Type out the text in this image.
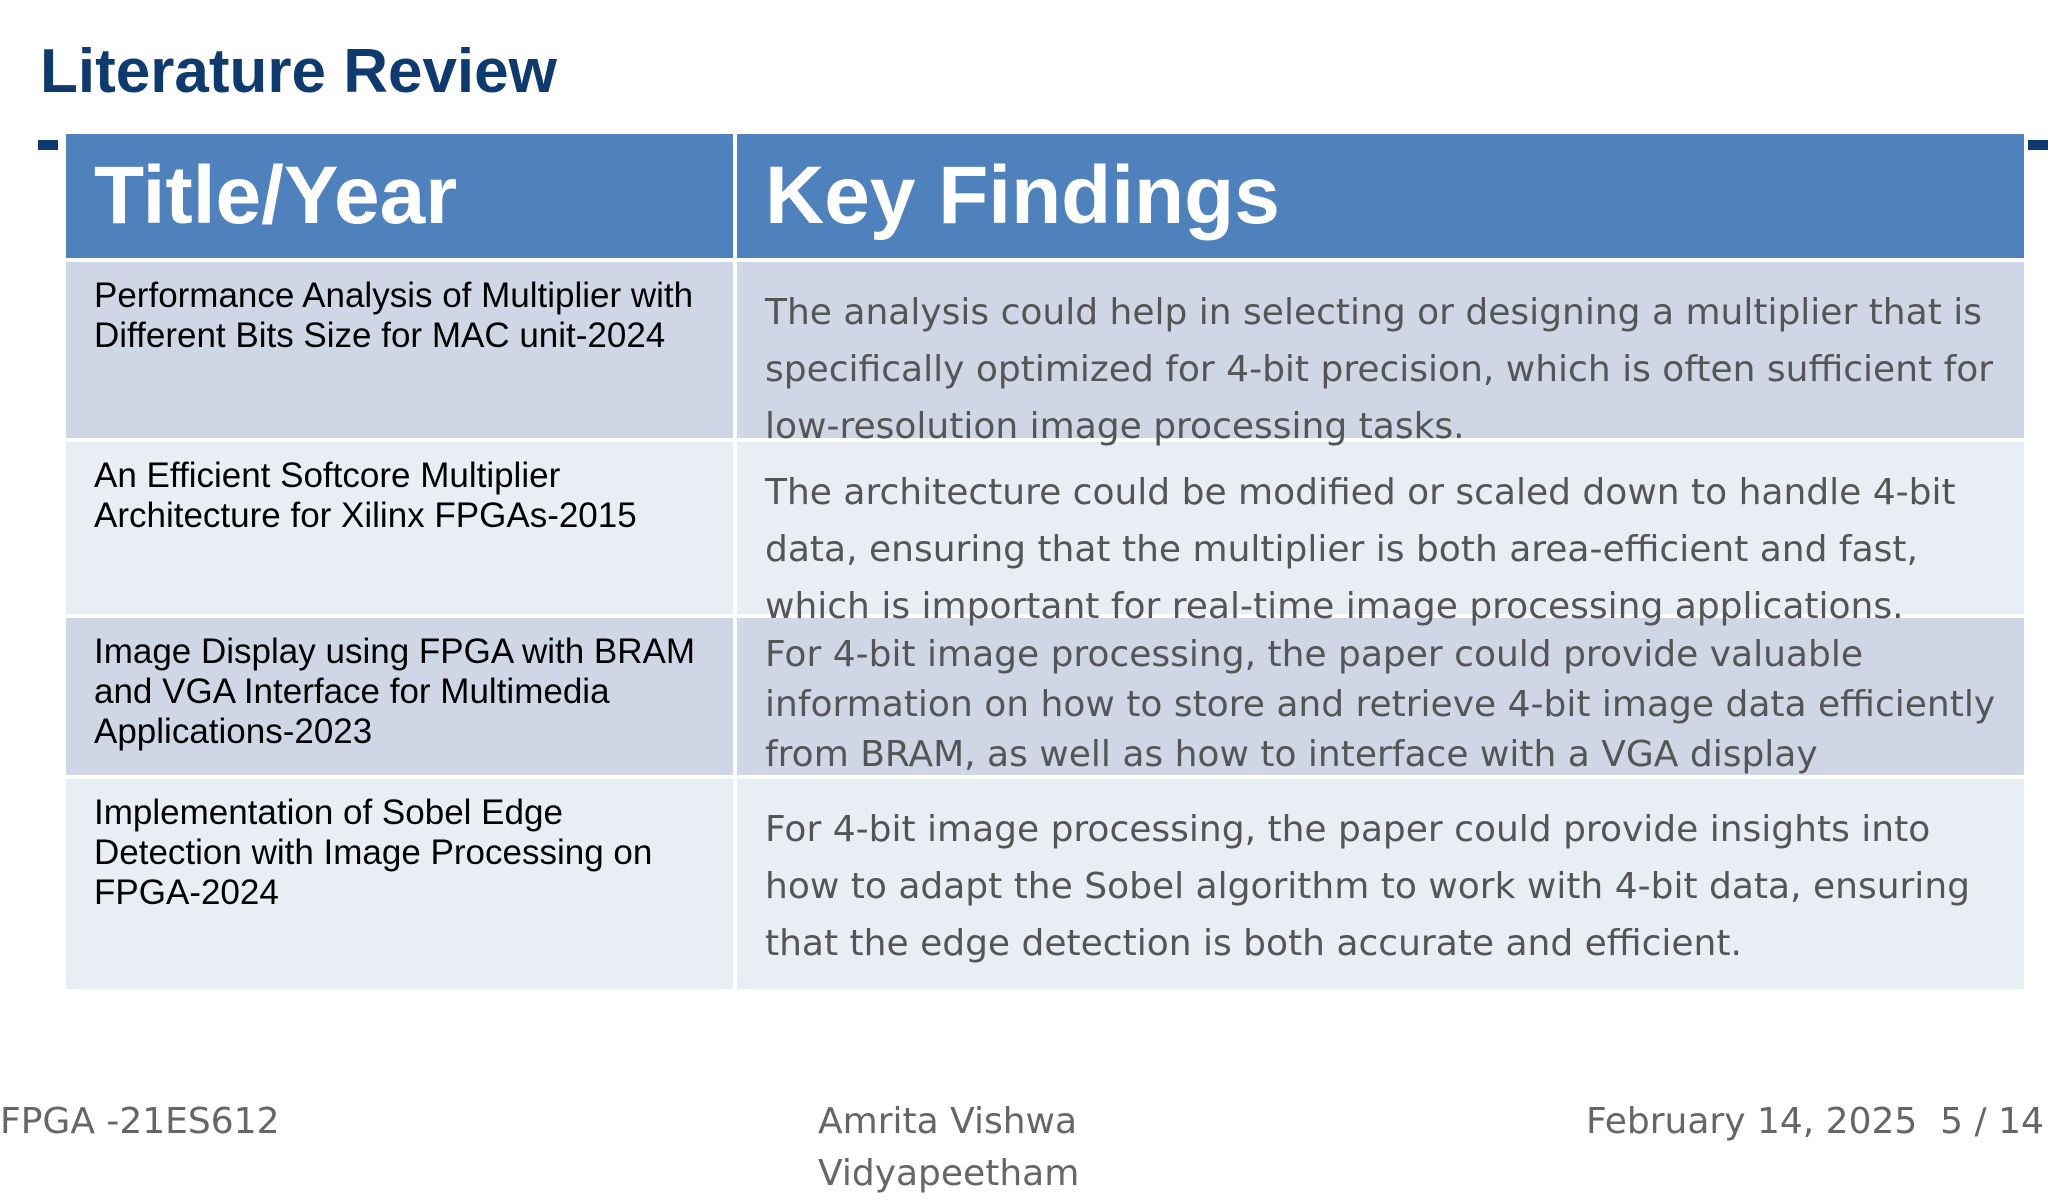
Literature Review
Title/Year	Key Findings

Performance Analysis of Multiplier with Different Bits Size for MAC unit-2024	The analysis could help in selecting or designing a multiplier that is specifically optimized for 4-bit precision, which is often sufficient for low-resolution image processing tasks.

An Efficient Softcore Multiplier Architecture for Xilinx FPGAs-2015	The architecture could be modified or scaled down to handle 4-bit data, ensuring that the multiplier is both area-efficient and fast, which is important for real-time image processing applications.

Image Display using FPGA with BRAM and VGA Interface for Multimedia Applications-2023	For 4-bit image processing, the paper could provide valuable information on how to store and retrieve 4-bit image data efficiently from BRAM, as well as how to interface with a VGA display

Implementation of Sobel Edge Detection with Image Processing on FPGA-2024	For 4-bit image processing, the paper could provide insights into how to adapt the Sobel algorithm to work with 4-bit data, ensuring that the edge detection is both accurate and efficient.
FPGA -21ES612	Amrita Vishwa Vidyapeetham
February 14, 2025 5 / 14
